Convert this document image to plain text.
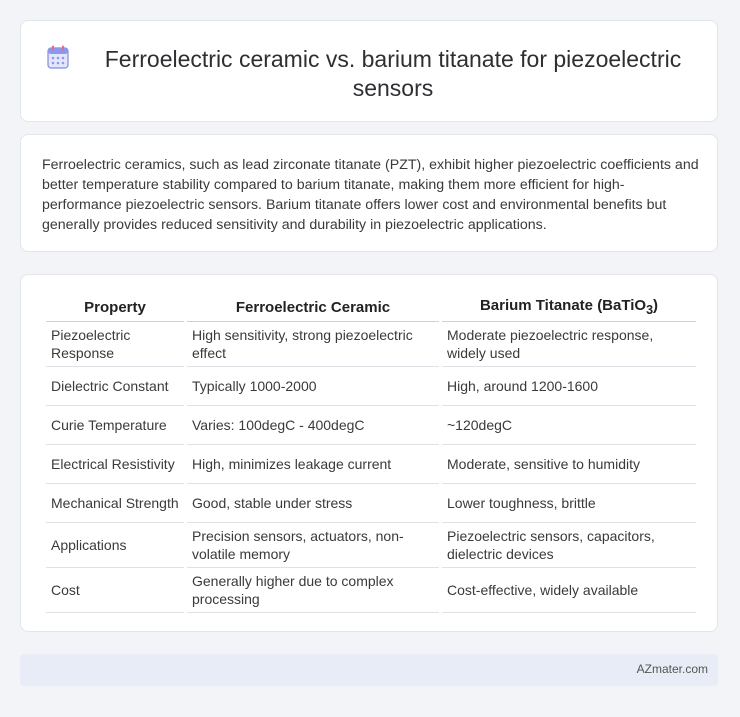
Ferroelectric ceramic vs. barium titanate for piezoelectric sensors

Ferroelectric ceramics, such as lead zirconate titanate (PZT), exhibit higher piezoelectric coefficients and better temperature stability compared to barium titanate, making them more efficient for high-performance piezoelectric sensors. Barium titanate offers lower cost and environmental benefits but generally provides reduced sensitivity and durability in piezoelectric applications.

Property	Ferroelectric Ceramic	Barium Titanate (BaTiO$_3$)
Piezoelectric Response	High sensitivity, strong piezoelectric effect	Moderate piezoelectric response, widely used
Dielectric Constant	Typically 1000-2000	High, around 1200-1600
Curie Temperature	Varies: 100degC - 400degC	~120degC
Electrical Resistivity	High, minimizes leakage current	Moderate, sensitive to humidity
Mechanical Strength	Good, stable under stress	Lower toughness, brittle
Applications	Precision sensors, actuators, non-volatile memory	Piezoelectric sensors, capacitors, dielectric devices
Cost	Generally higher due to complex processing	Cost-effective, widely available
AZmater.com
